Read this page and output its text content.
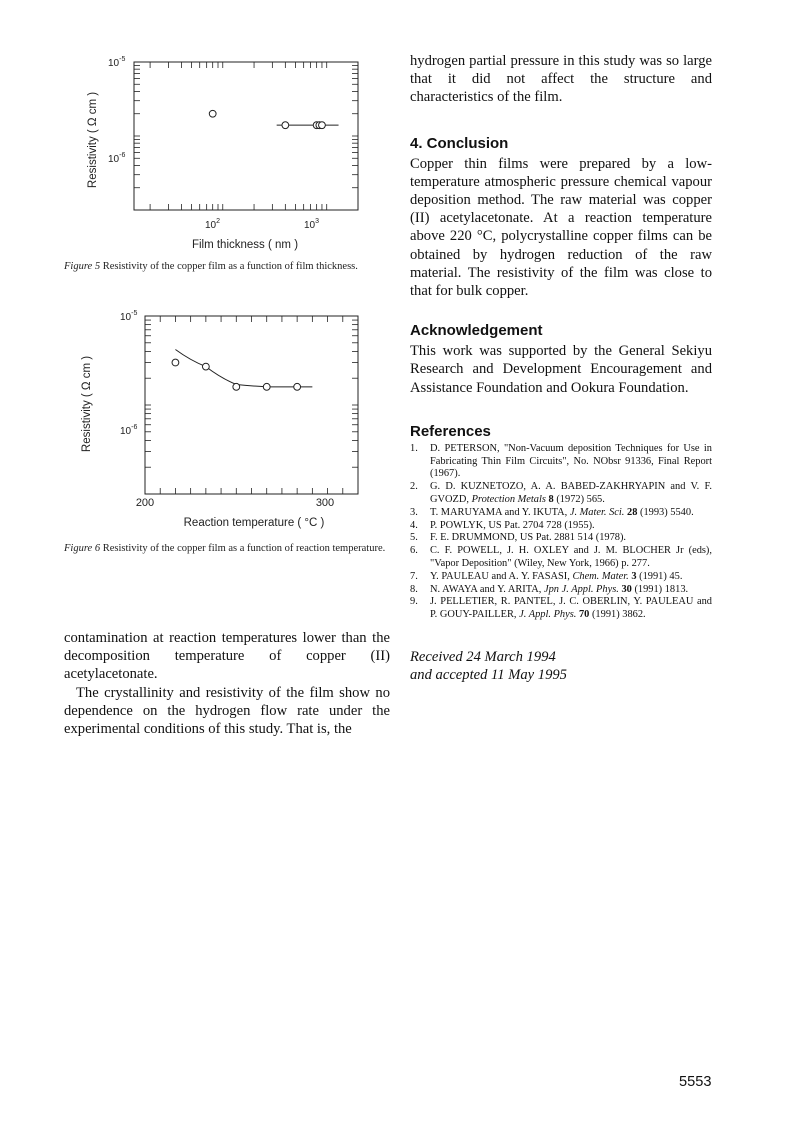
$10^{-5}$
$10^{-6}$
$10^2$	$10^3$
Film thickness ( nm )
Resistivity ( Ω cm )
Figure 5 Resistivity of the copper film as a function of film thickness.
$10^{-5}$
$10^{-6}$
200	300
Reaction temperature ( °C )
Resistivity ( Ω cm )
Figure 6 Resistivity of the copper film as a function of reaction temperature.

contamination at reaction temperatures lower than the decomposition temperature of copper (II) acetylacetonate.

The crystallinity and resistivity of the film show no dependence on the hydrogen flow rate under the experimental conditions of this study. That is, the

hydrogen partial pressure in this study was so large that it did not affect the structure and characteristics of the film.

4. Conclusion

Copper thin films were prepared by a low-temperature atmospheric pressure chemical vapour deposition method. The raw material was copper (II) acetylacetonate. At a reaction temperature above 220 °C, polycrystalline copper films can be obtained by hydrogen reduction of the raw material. The resistivity of the film was close to that for bulk copper.

Acknowledgement

This work was supported by the General Sekiyu Research and Development Encouragement and Assistance Foundation and Ookura Foundation.

References
1. D. PETERSON, "Non-Vacuum deposition Techniques for Use in Fabricating Thin Film Circuits", No. NObsr 91336, Final Report (1967).
2. G. D. KUZNETOZO, A. A. BABED-ZAKHRYAPIN and V. F. GVOZD, Protection Metals 8 (1972) 565.
3. T. MARUYAMA and Y. IKUTA, J. Mater. Sci. 28 (1993) 5540.
4. P. POWLYK, US Pat. 2704 728 (1955).
5. F. E. DRUMMOND, US Pat. 2881 514 (1978).
6. C. F. POWELL, J. H. OXLEY and J. M. BLOCHER Jr (eds), "Vapor Deposition" (Wiley, New York, 1966) p. 277.
7. Y. PAULEAU and A. Y. FASASI, Chem. Mater. 3 (1991) 45.
8. N. AWAYA and Y. ARITA, Jpn J. Appl. Phys. 30 (1991) 1813.
9. J. PELLETIER, R. PANTEL, J. C. OBERLIN, Y. PAULEAU and P. GOUY-PAILLER, J. Appl. Phys. 70 (1991) 3862.
Received 24 March 1994
and accepted 11 May 1995
5553
